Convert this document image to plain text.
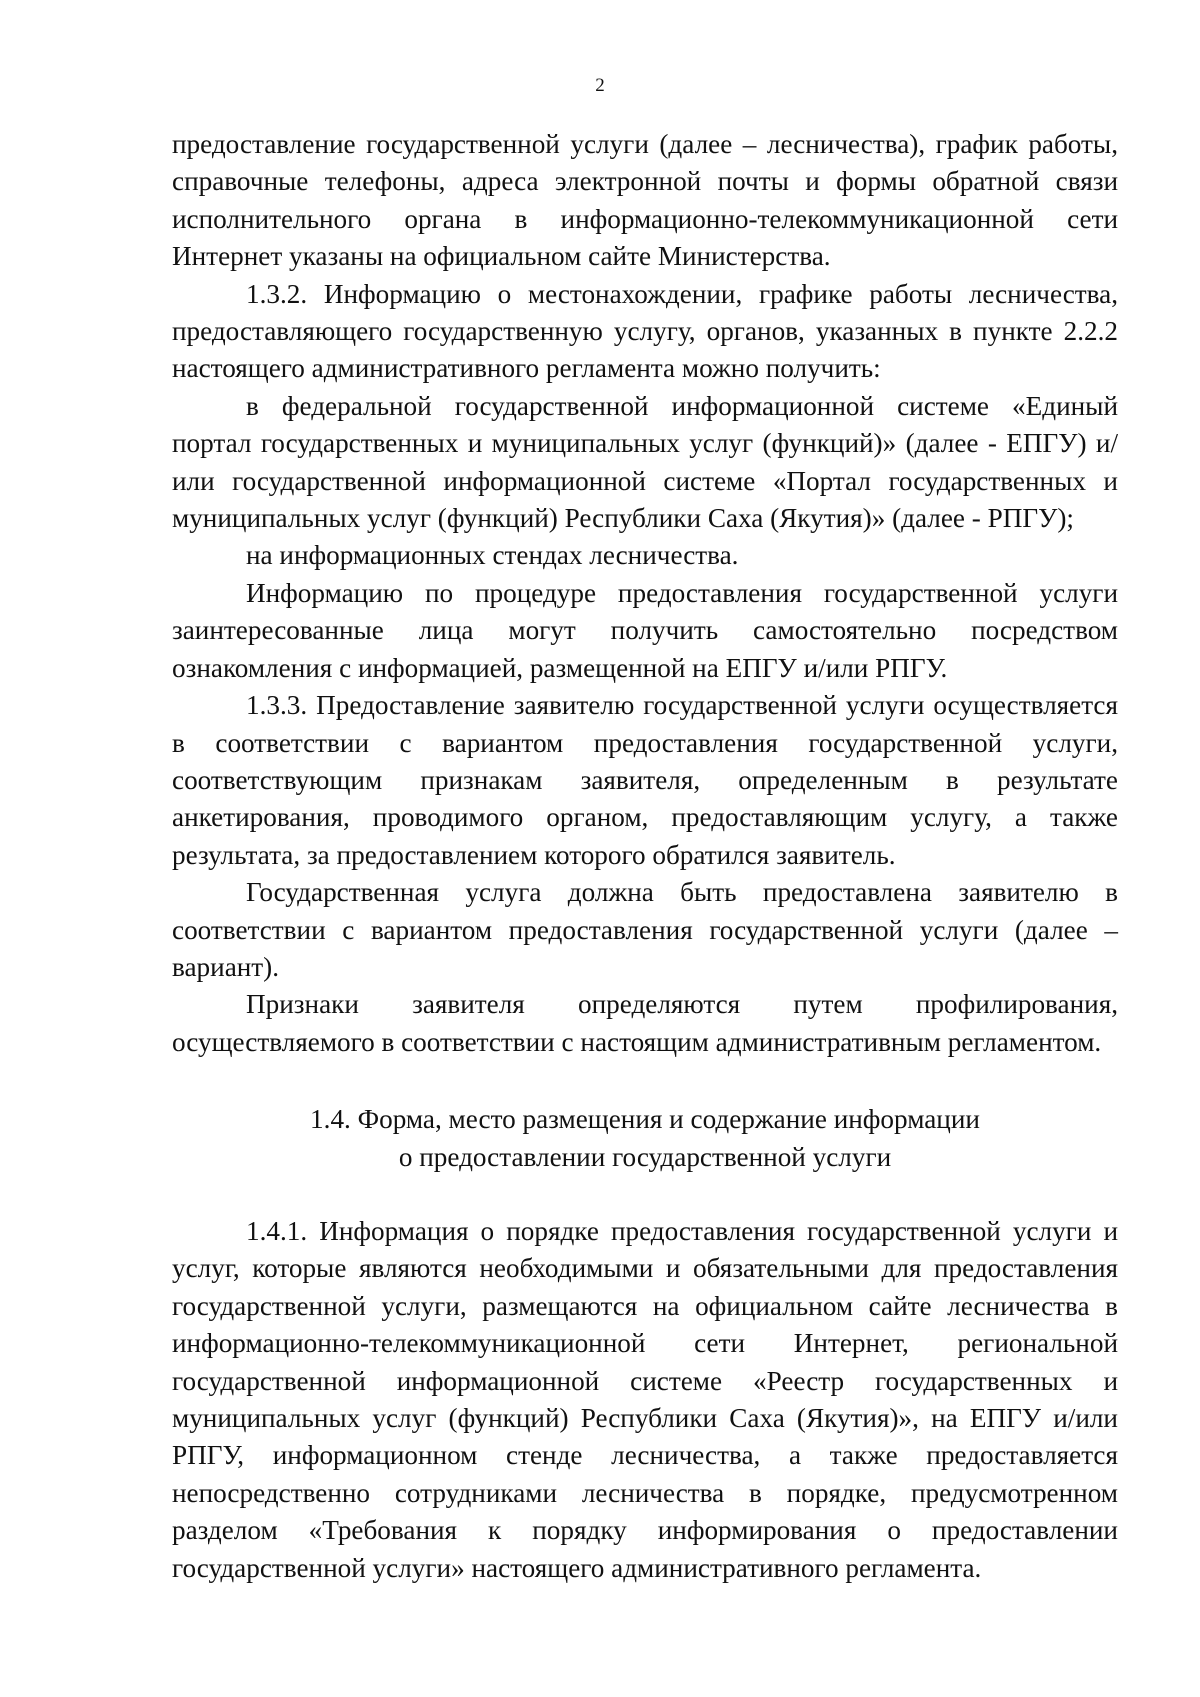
2

предоставление государственной услуги (далее – лесничества), график работы, справочные телефоны, адреса электронной почты и формы обратной связи исполнительного органа в информационно-телекоммуникационной сети Интернет указаны на официальном сайте Министерства.

1.3.2. Информацию о местонахождении, графике работы лесничества, предоставляющего государственную услугу, органов, указанных в пункте 2.2.2 настоящего административного регламента можно получить:

в федеральной государственной информационной системе «Единый портал государственных и муниципальных услуг (функций)» (далее - ЕПГУ) и/или государственной информационной системе «Портал государственных и муниципальных услуг (функций) Республики Саха (Якутия)» (далее - РПГУ);

на информационных стендах лесничества.

Информацию по процедуре предоставления государственной услуги заинтересованные лица могут получить самостоятельно посредством ознакомления с информацией, размещенной на ЕПГУ и/или РПГУ.

1.3.3. Предоставление заявителю государственной услуги осуществляется в соответствии с вариантом предоставления государственной услуги, соответствующим признакам заявителя, определенным в результате анкетирования, проводимого органом, предоставляющим услугу, а также результата, за предоставлением которого обратился заявитель.

Государственная услуга должна быть предоставлена заявителю в соответствии с вариантом предоставления государственной услуги (далее – вариант).

Признаки заявителя определяются путем профилирования, осуществляемого в соответствии с настоящим административным регламентом.

1.4. Форма, место размещения и содержание информации
о предоставлении государственной услуги

1.4.1. Информация о порядке предоставления государственной услуги и услуг, которые являются необходимыми и обязательными для предоставления государственной услуги, размещаются на официальном сайте лесничества в информационно-телекоммуникационной сети Интернет, региональной государственной информационной системе «Реестр государственных и муниципальных услуг (функций) Республики Саха (Якутия)», на ЕПГУ и/или РПГУ, информационном стенде лесничества, а также предоставляется непосредственно сотрудниками лесничества в порядке, предусмотренном разделом «Требования к порядку информирования о предоставлении государственной услуги» настоящего административного регламента.
